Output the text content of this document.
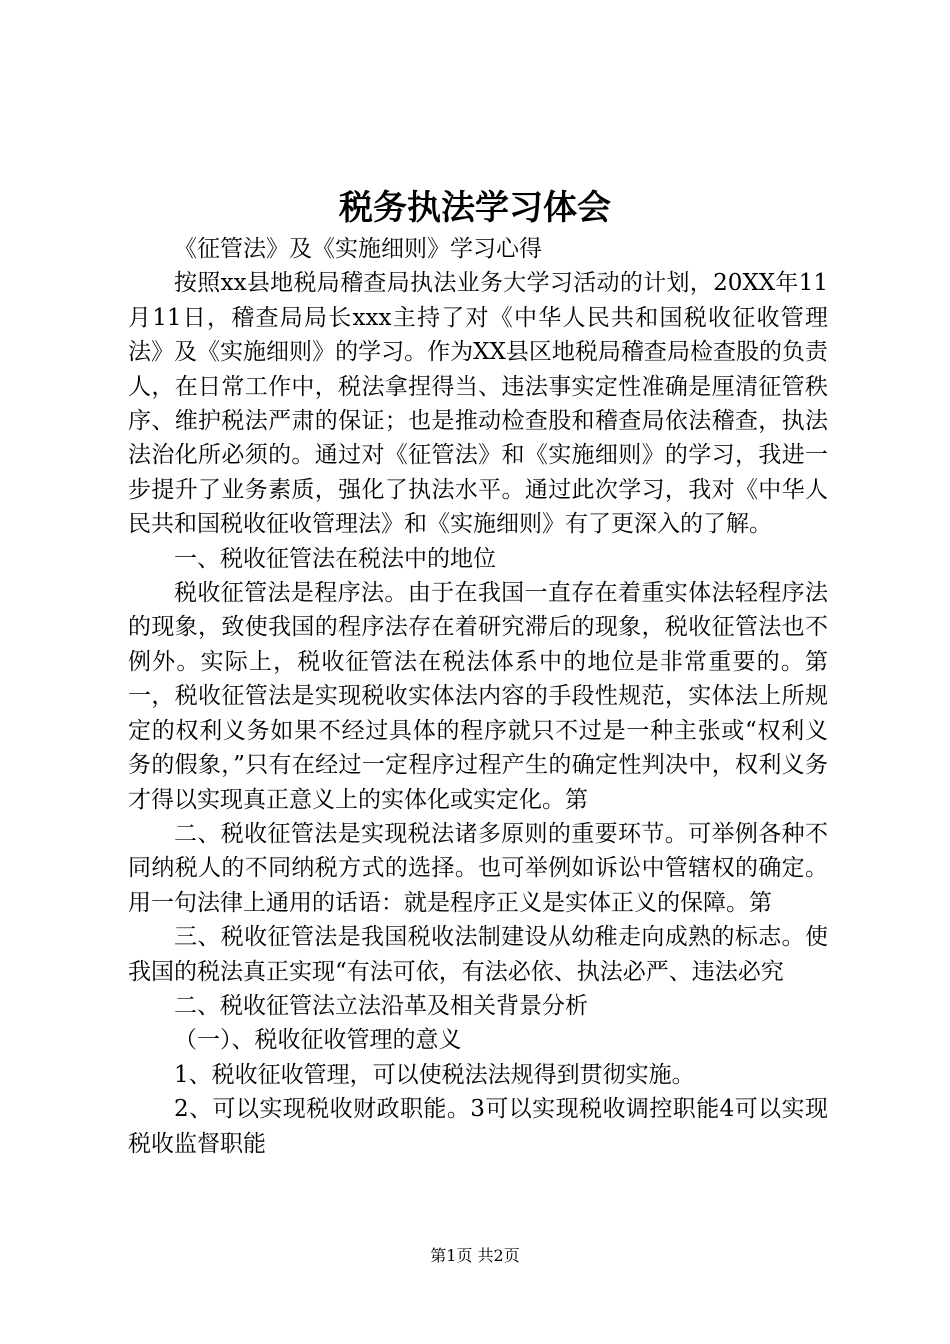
税务执法学习体会

《征管法》及《实施细则》学习心得

按照xx县地税局稽查局执法业务大学习活动的计划，20XX年11月11日，稽查局局长xxx主持了对《中华人民共和国税收征收管理法》及《实施细则》的学习。作为XX县区地税局稽查局检查股的负责人，在日常工作中，税法拿捏得当、违法事实定性准确是厘清征管秩序、维护税法严肃的保证；也是推动检查股和稽查局依法稽查，执法法治化所必须的。通过对《征管法》和《实施细则》的学习，我进一步提升了业务素质，强化了执法水平。通过此次学习，我对《中华人民共和国税收征收管理法》和《实施细则》有了更深入的了解。

一、税收征管法在税法中的地位

税收征管法是程序法。由于在我国一直存在着重实体法轻程序法的现象，致使我国的程序法存在着研究滞后的现象，税收征管法也不例外。实际上，税收征管法在税法体系中的地位是非常重要的。第一，税收征管法是实现税收实体法内容的手段性规范，实体法上所规定的权利义务如果不经过具体的程序就只不过是一种主张或“权利义务的假象，”只有在经过一定程序过程产生的确定性判决中，权利义务才得以实现真正意义上的实体化或实定化。第

二、税收征管法是实现税法诸多原则的重要环节。可举例各种不同纳税人的不同纳税方式的选择。也可举例如诉讼中管辖权的确定。用一句法律上通用的话语：就是程序正义是实体正义的保障。第

三、税收征管法是我国税收法制建设从幼稚走向成熟的标志。使我国的税法真正实现“有法可依，有法必依、执法必严、违法必究

二、税收征管法立法沿革及相关背景分析

（一）、税收征收管理的意义

1、税收征收管理，可以使税法法规得到贯彻实施。

2、可以实现税收财政职能。3可以实现税收调控职能4可以实现税收监督职能

第1页 共2页
